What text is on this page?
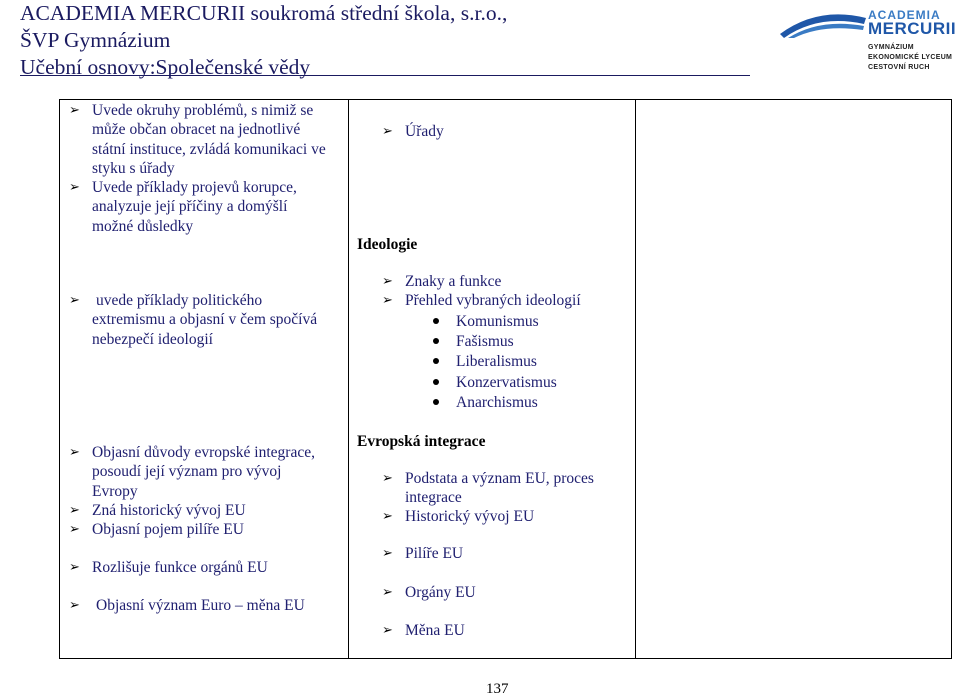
ACADEMIA MERCURII soukromá střední škola, s.r.o.,
ŠVP Gymnázium
Učební osnovy:Společenské vědy
ACADEMIA
MERCURII
GYMNÁZIUM
EKONOMICKÉ LYCEUM
CESTOVNÍ RUCH
➢ Uvede okruhy problémů, s nimiž se
může občan obracet na jednotlivé
státní instituce, zvládá komunikaci ve
styku s úřady
➢ Uvede příklady projevů korupce,
analyzuje její příčiny a domýšlí
možné důsledky
➢ uvede příklady politického
extremismu a objasní v čem spočívá
nebezpečí ideologií
➢ Objasní důvody evropské integrace,
posoudí její význam pro vývoj
Evropy
➢ Zná historický vývoj EU
➢ Objasní pojem pilíře EU
➢ Rozlišuje funkce orgánů EU
➢ Objasní význam Euro – měna EU
➢ Úřady
Ideologie
➢ Znaky a funkce
➢ Přehled vybraných ideologií
Komunismus
Fašismus
Liberalismus
Konzervatismus
Anarchismus
Evropská integrace
➢ Podstata a význam EU, proces
integrace
➢ Historický vývoj EU
➢ Pilíře EU
➢ Orgány EU
➢ Měna EU
137
